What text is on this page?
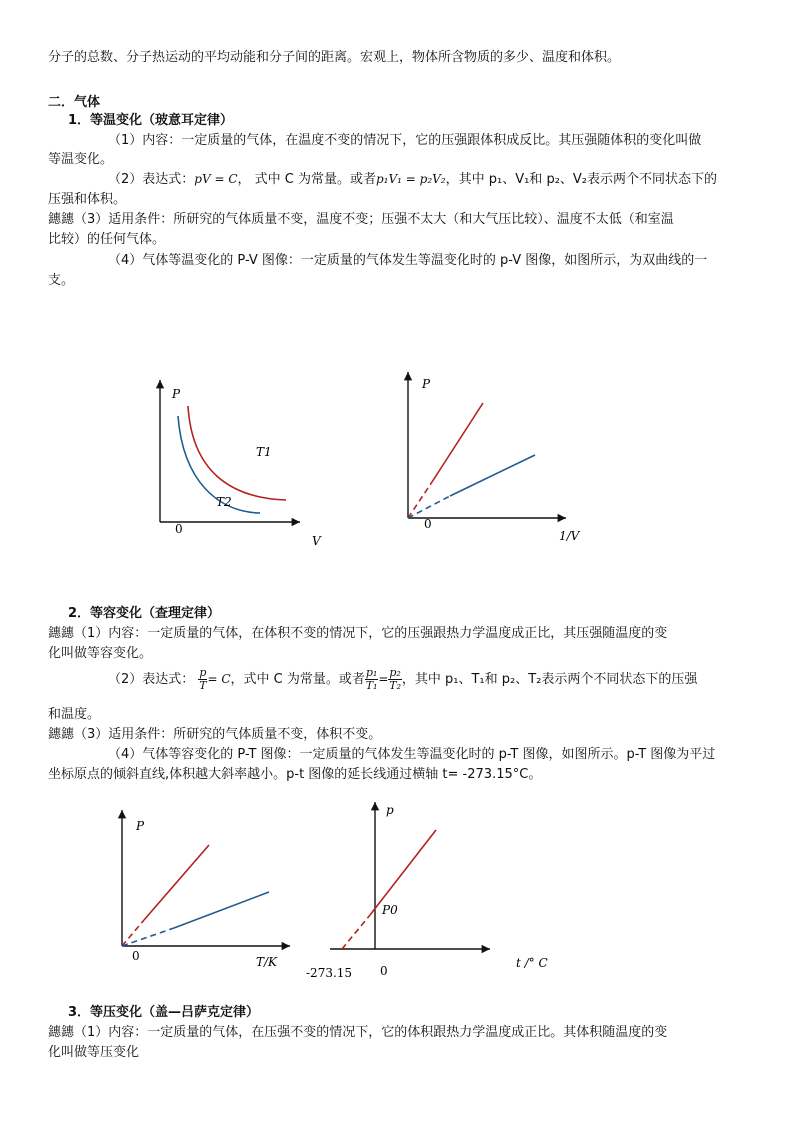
分子的总数、分子热运动的平均动能和分子间的距离。宏观上，物体所含物质的多少、温度和体积。
二．气体
1．等温变化（玻意耳定律）
（1）内容：一定质量的气体，在温度不变的情况下，它的压强跟体积成反比。其压强随体积的变化叫做
等温变化。
（2）表达式：pV = C， 式中 C 为常量。或者p₁V₁ = p₂V₂，其中 p₁、V₁和 p₂、V₂表示两个不同状态下的
压强和体积。
鏸鏸（3）适用条件：所研究的气体质量不变，温度不变；压强不太大（和大气压比较）、温度不太低（和室温
比较）的任何气体。
（4）气体等温变化的 P-V 图像：一定质量的气体发生等温变化时的 p-V 图像，如图所示，为双曲线的一
支。
P
V
0
T1
T2
P
1/V
0
2．等容变化（查理定律）
鏸鏸（1）内容：一定质量的气体，在体积不变的情况下，它的压强跟热力学温度成正比，其压强随温度的变
化叫做等容变化。
（2）表达式： $\frac{p}{T} = C$，式中 C 为常量。或者 $\frac{\text{p₁}}{\text{T₁}} = \frac{\text{p₂}}{\text{T₂}}$ ，其中 p₁、T₁和 p₂、T₂表示两个不同状态下的压强
和温度。
鏸鏸（3）适用条件：所研究的气体质量不变，体积不变。
（4）气体等容变化的 P-T 图像：一定质量的气体发生等温变化时的 p-T 图像，如图所示。p-T 图像为平过
坐标原点的倾斜直线,体积越大斜率越小。p-t 图像的延长线通过横轴 t= -273.15°C。
P
T/K
0
p
t /° C
0
P0
-273.15
3．等压变化（盖—吕萨克定律）
鏸鏸（1）内容：一定质量的气体，在压强不变的情况下，它的体积跟热力学温度成正比。其体积随温度的变
化叫做等压变化
